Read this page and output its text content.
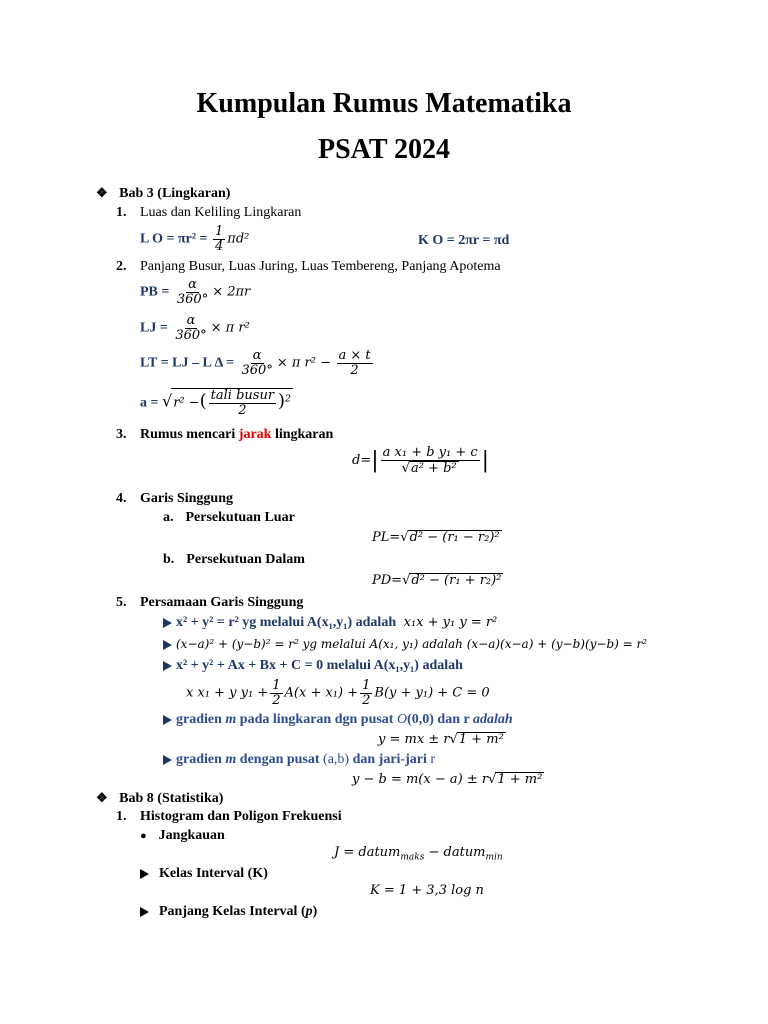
Kumpulan Rumus Matematika
PSAT 2024
❖ Bab 3 (Lingkaran)
1. Luas dan Keliling Lingkaran
L $O = \pi r^2 = \frac{1}{4} \pi d^2$	K O = 2πr = πd
2. Panjang Busur, Luas Juring, Luas Tembereng, Panjang Apotema
PB = $\frac{\alpha}{360^\circ} \times 2\pi r$
LJ = $\frac{\alpha}{360^\circ} \times \pi$ r²
LT = LJ – L $\Delta = \frac{\alpha}{360^\circ} \times \pi$ $r^2 - \frac{a \times t}{2}$
a = √r² −( $\frac{\text{tali busur}}{2} )^2$
3. Rumus mencari jarak lingkaran
$d=| \frac{\text{a x₁ + b y₁ + c}}{\text{√a² + b²}}$ |
4. Garis Singgung
a. Persekutuan Luar
PL=√d² − (r₁ − r₂)²
b. Persekutuan Dalam
PD=√d² − (r₁ + r₂)²
5. Persamaan Garis Singgung
x² + y² = r² yg melalui A(x₁,y₁) adalah x₁x + y₁ y = r²
(x−a)² + (y−b)² = r² yg melalui A(x₁, y₁) adalah (x−a)(x−a) + (y−b)(y−b) = r²
x² + y² + Ax + Bx + C = 0 melalui A(x₁,y₁) adalah
x x₁ + y $y_1 + \frac{1}{2} A(x + x_1) + \frac{1}{2} B(y + y_1) + C = 0$
gradien m pada lingkaran dgn pusat O(0,0) dan r adalah
y = mx ± r√1 + m²
gradien m dengan pusat (a,b) dan jari-jari r
y − b = m(x − a) ± r√1 + m²
❖ Bab 8 (Statistika)
1. Histogram dan Poligon Frekuensi
● Jangkauan
J = datum$_{maks}$ − datum$_{min}$
Kelas Interval (K)
K = 1 + 3,3 log n
Panjang Kelas Interval (p)
